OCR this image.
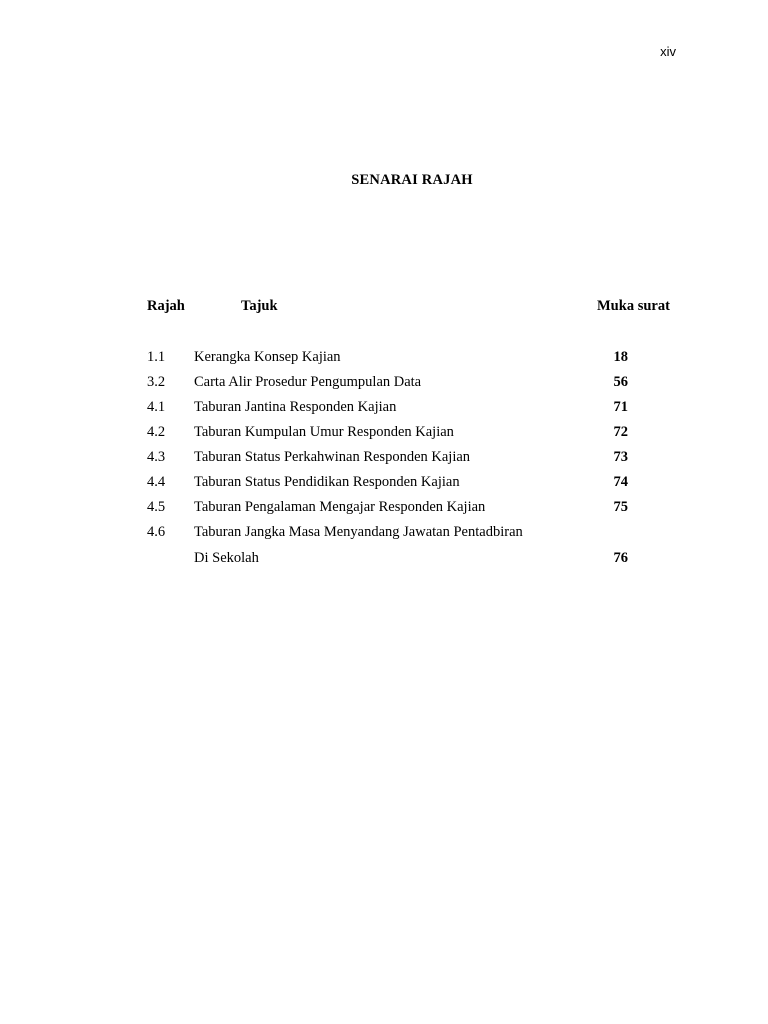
xiv
SENARAI RAJAH
Rajah	Tajuk	Muka surat
1.1 Kerangka Konsep Kajian	18
3.2 Carta Alir Prosedur Pengumpulan Data	56
4.1 Taburan Jantina Responden Kajian	71
4.2 Taburan Kumpulan Umur Responden Kajian	72
4.3 Taburan Status Perkahwinan Responden Kajian	73
4.4 Taburan Status Pendidikan Responden Kajian	74
4.5 Taburan Pengalaman Mengajar Responden Kajian	75
4.6 Taburan Jangka Masa Menyandang Jawatan Pentadbiran
Di Sekolah	76
